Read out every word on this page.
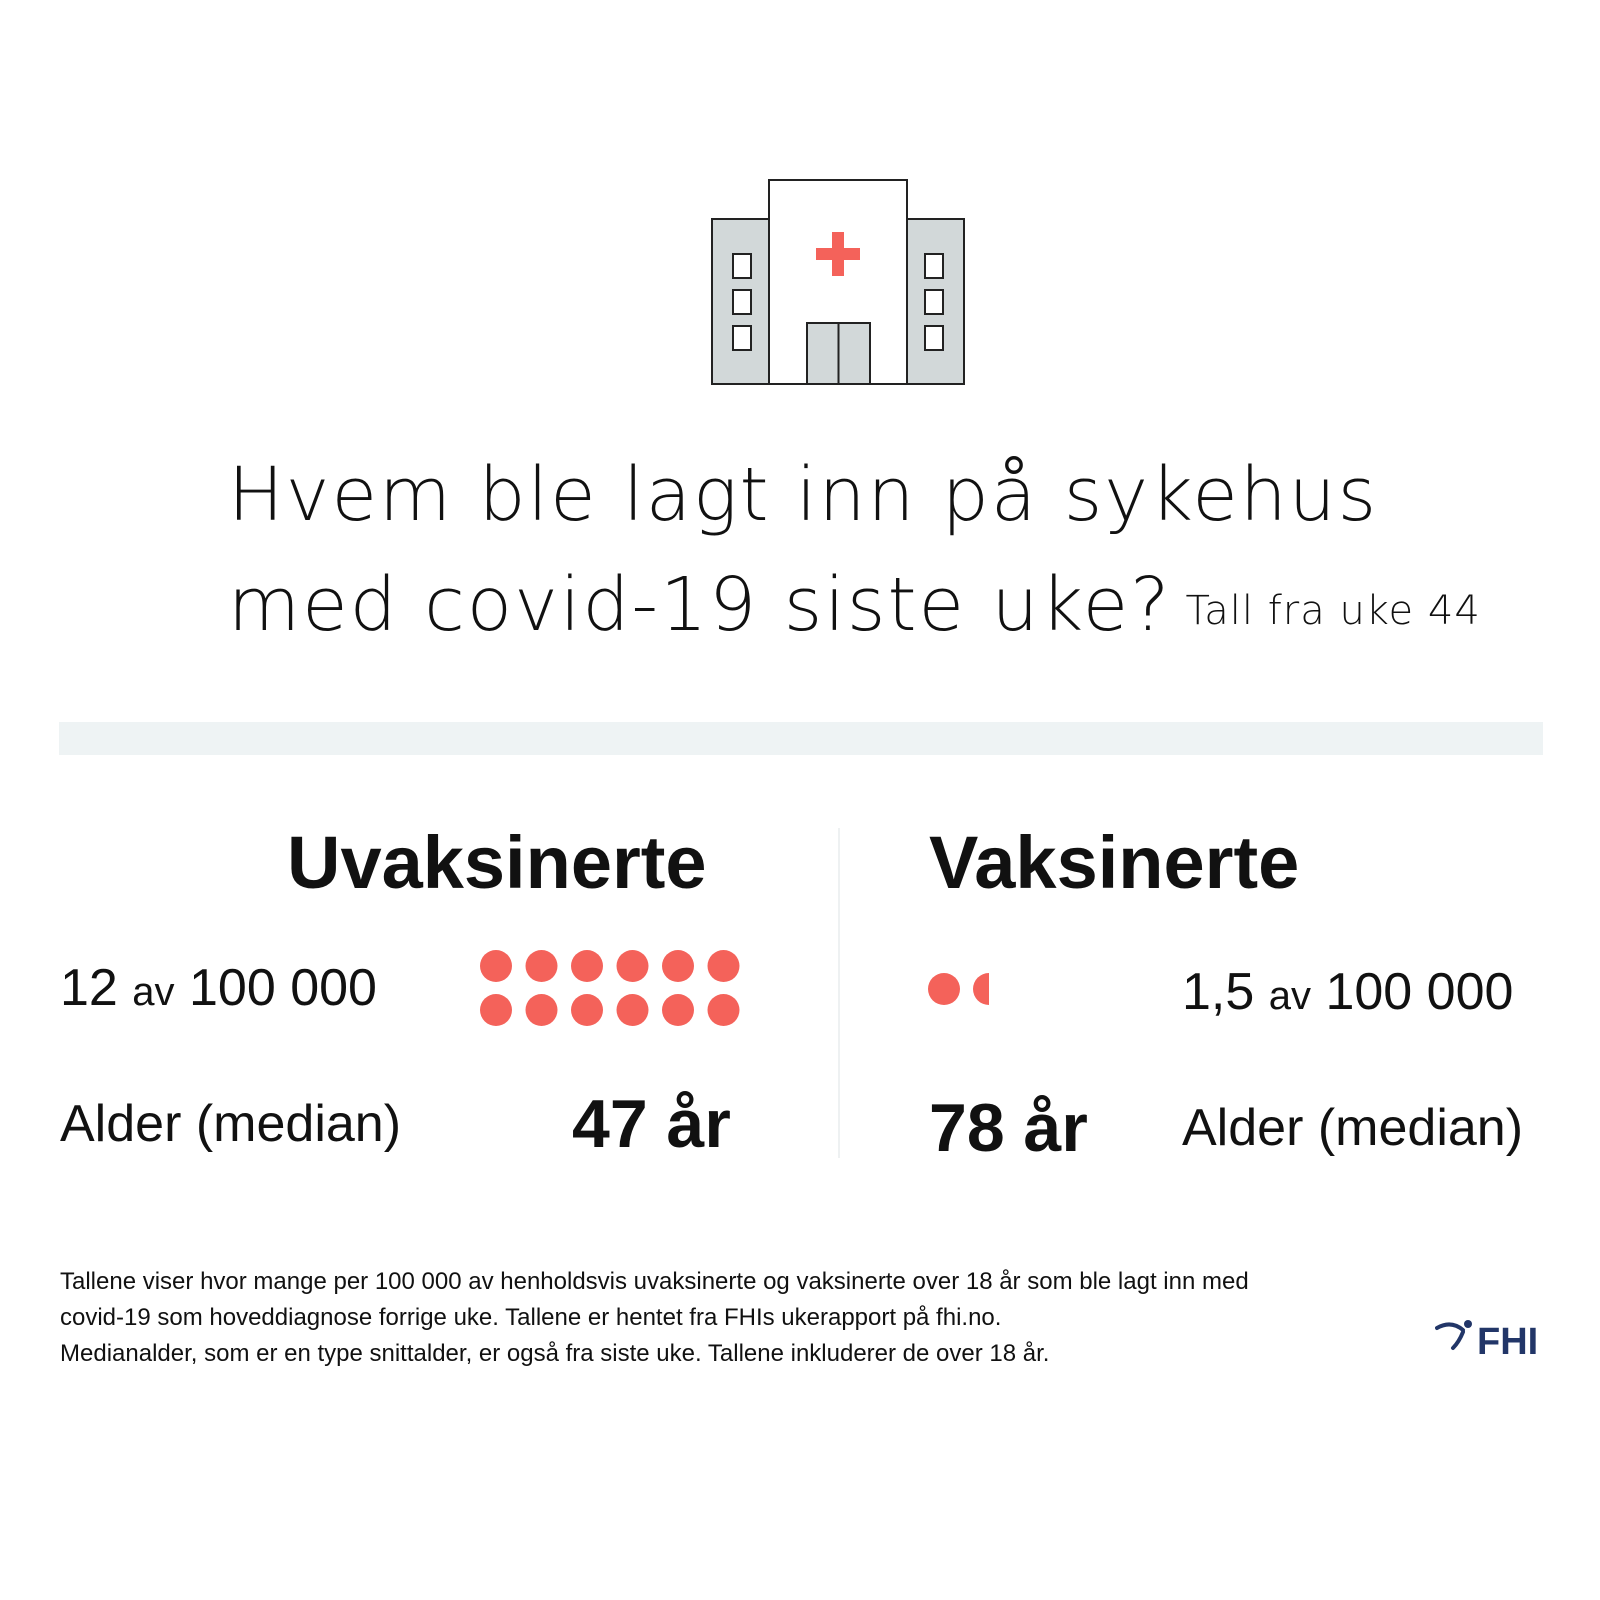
Hvem ble lagt inn på sykehus
med covid-19 siste uke? Tall fra uke 44
Uvaksinerte
12 av 100 000
Alder (median)	47 år
Vaksinerte
1,5 av 100 000
78 år Alder (median)
Tallene viser hvor mange per 100 000 av henholdsvis uvaksinerte og vaksinerte over 18 år som ble lagt inn med
covid-19 som hoveddiagnose forrige uke. Tallene er hentet fra FHIs ukerapport på fhi.no.
Medianalder, som er en type snittalder, er også fra siste uke. Tallene inkluderer de over 18 år.	FHI
